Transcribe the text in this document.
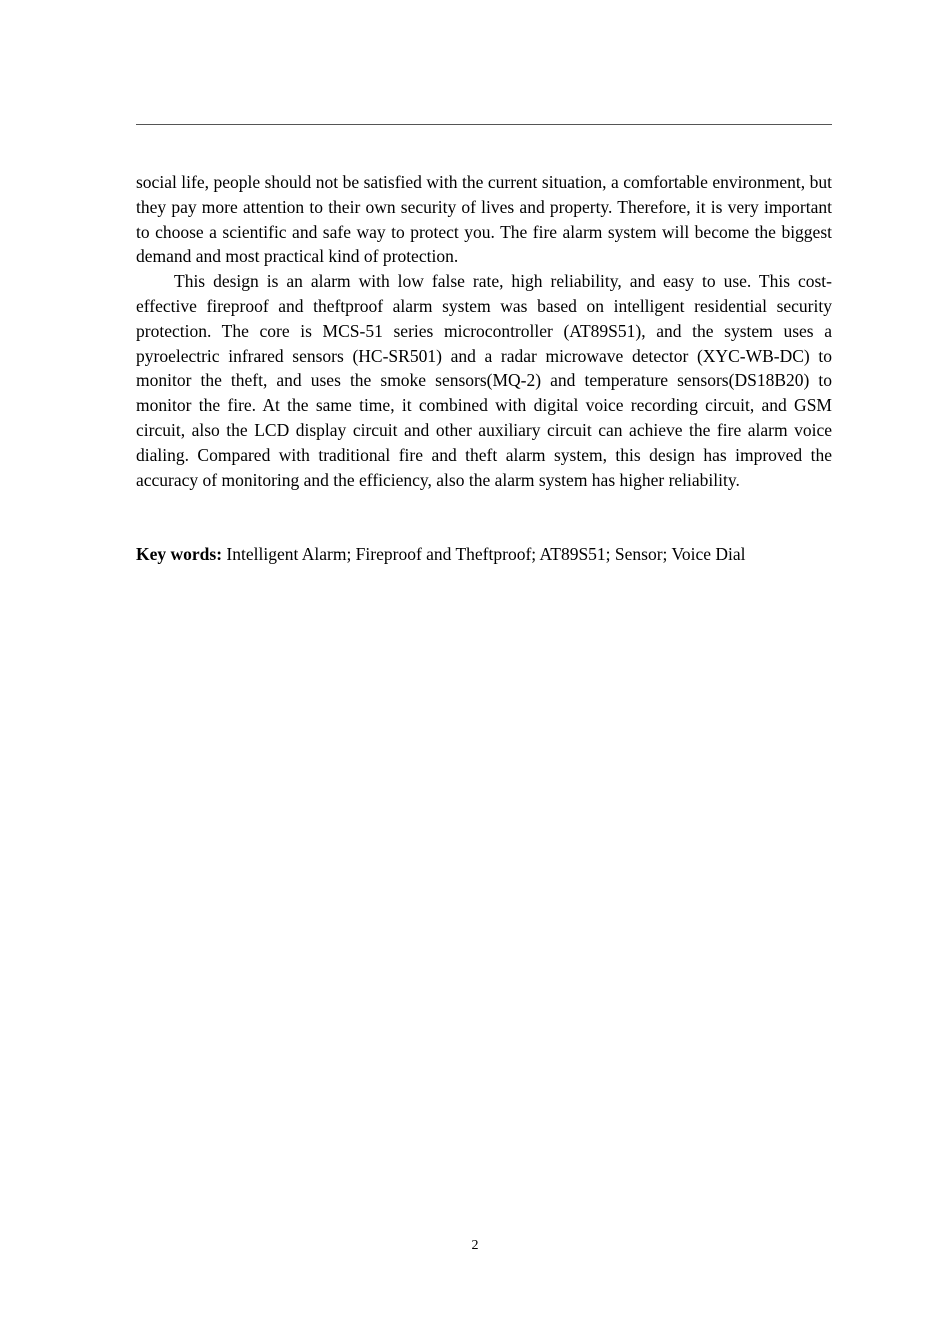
social life, people should not be satisfied with the current situation, a comfortable environment, but they pay more attention to their own security of lives and property. Therefore, it is very important to choose a scientific and safe way to protect you. The fire alarm system will become the biggest demand and most practical kind of protection.

This design is an alarm with low false rate, high reliability, and easy to use. This cost-effective fireproof and theftproof alarm system was based on intelligent residential security protection. The core is MCS-51 series microcontroller (AT89S51), and the system uses a pyroelectric infrared sensors (HC-SR501) and a radar microwave detector (XYC-WB-DC) to monitor the theft, and uses the smoke sensors(MQ-2) and temperature sensors(DS18B20) to monitor the fire. At the same time, it combined with digital voice recording circuit, and GSM circuit, also the LCD display circuit and other auxiliary circuit can achieve the fire alarm voice dialing. Compared with traditional fire and theft alarm system, this design has improved the accuracy of monitoring and the efficiency, also the alarm system has higher reliability.

Key words: Intelligent Alarm; Fireproof and Theftproof; AT89S51; Sensor; Voice Dial

2
